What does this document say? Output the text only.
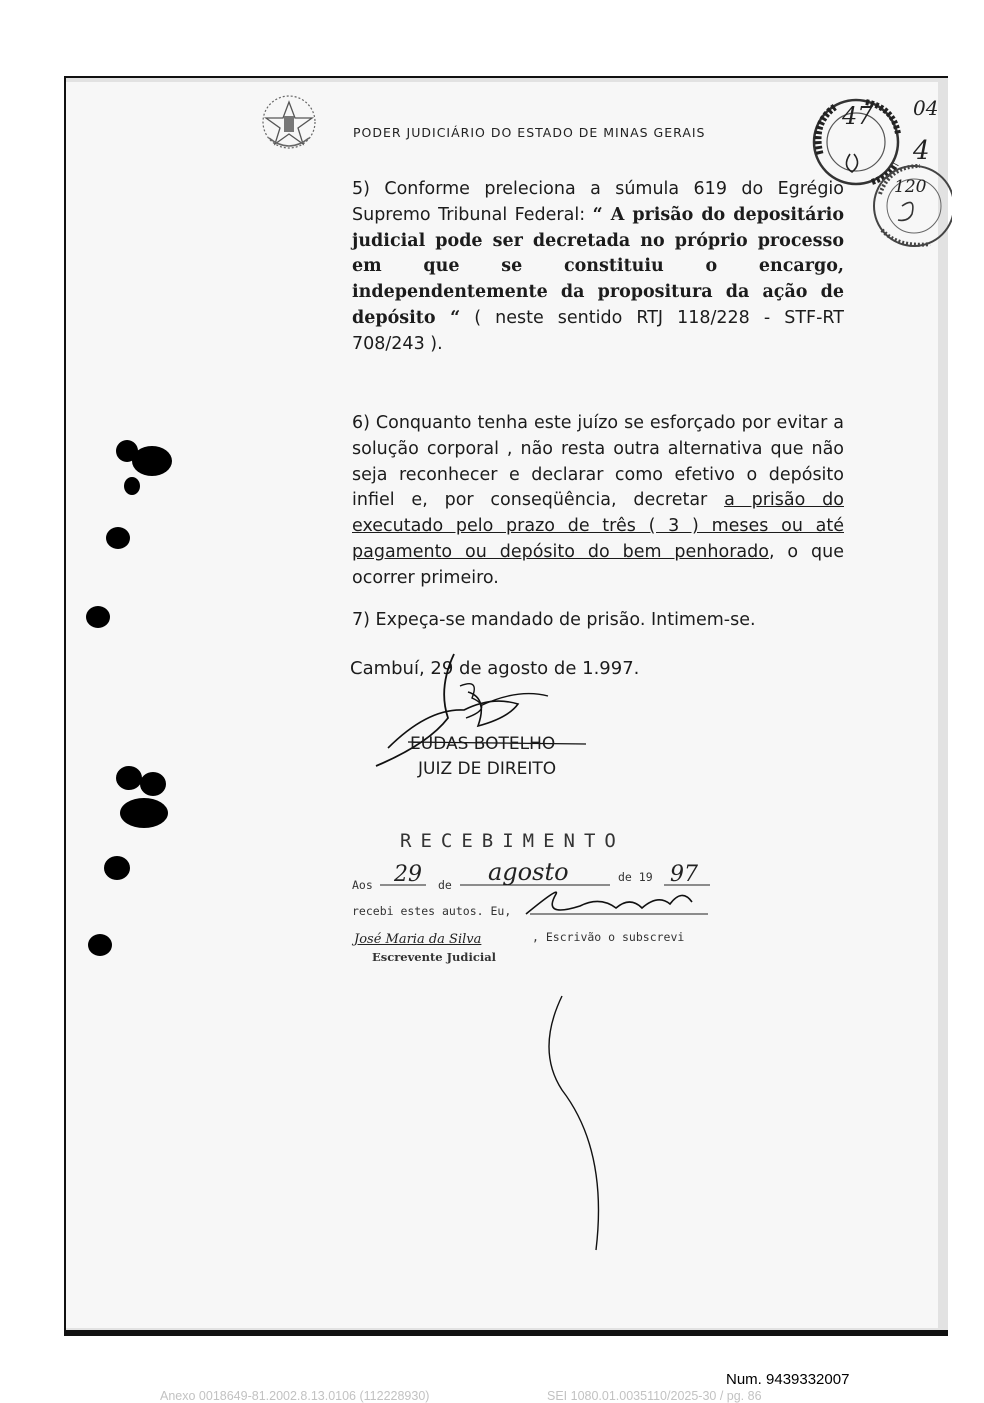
PODER JUDICIÁRIO DO ESTADO DE MINAS GERAIS
47 04
4
120
5) Conforme preleciona a súmula 619 do Egrégio Supremo Tribunal Federal: “ A prisão do depositário judicial pode ser decretada no próprio processo em que se constituiu o encargo, independentemente da propositura da ação de depósito “ ( neste sentido RTJ 118/228 - STF-RT 708/243 ).
6) Conquanto tenha este juízo se esforçado por evitar a solução corporal , não resta outra alternativa que não seja reconhecer e declarar como efetivo o depósito infiel e, por conseqüência, decretar a prisão do executado pelo prazo de três ( 3 ) meses ou até pagamento ou depósito do bem penhorado, o que ocorrer primeiro.
7) Expeça-se mandado de prisão. Intimem-se.
Cambuí, 29 de agosto de 1.997.
EUDAS BOTELHO
JUIZ DE DIREITO
RECEBIMENTO
Aos 29 de agosto	de 19 97
recebi estes autos. Eu,
José Maria da Silva	, Escrivão o subscrevi
Escrevente Judicial
Num. 9439332007
Anexo 0018649-81.2002.8.13.0106 (112228930)	SEI 1080.01.0035110/2025-30 / pg. 86
